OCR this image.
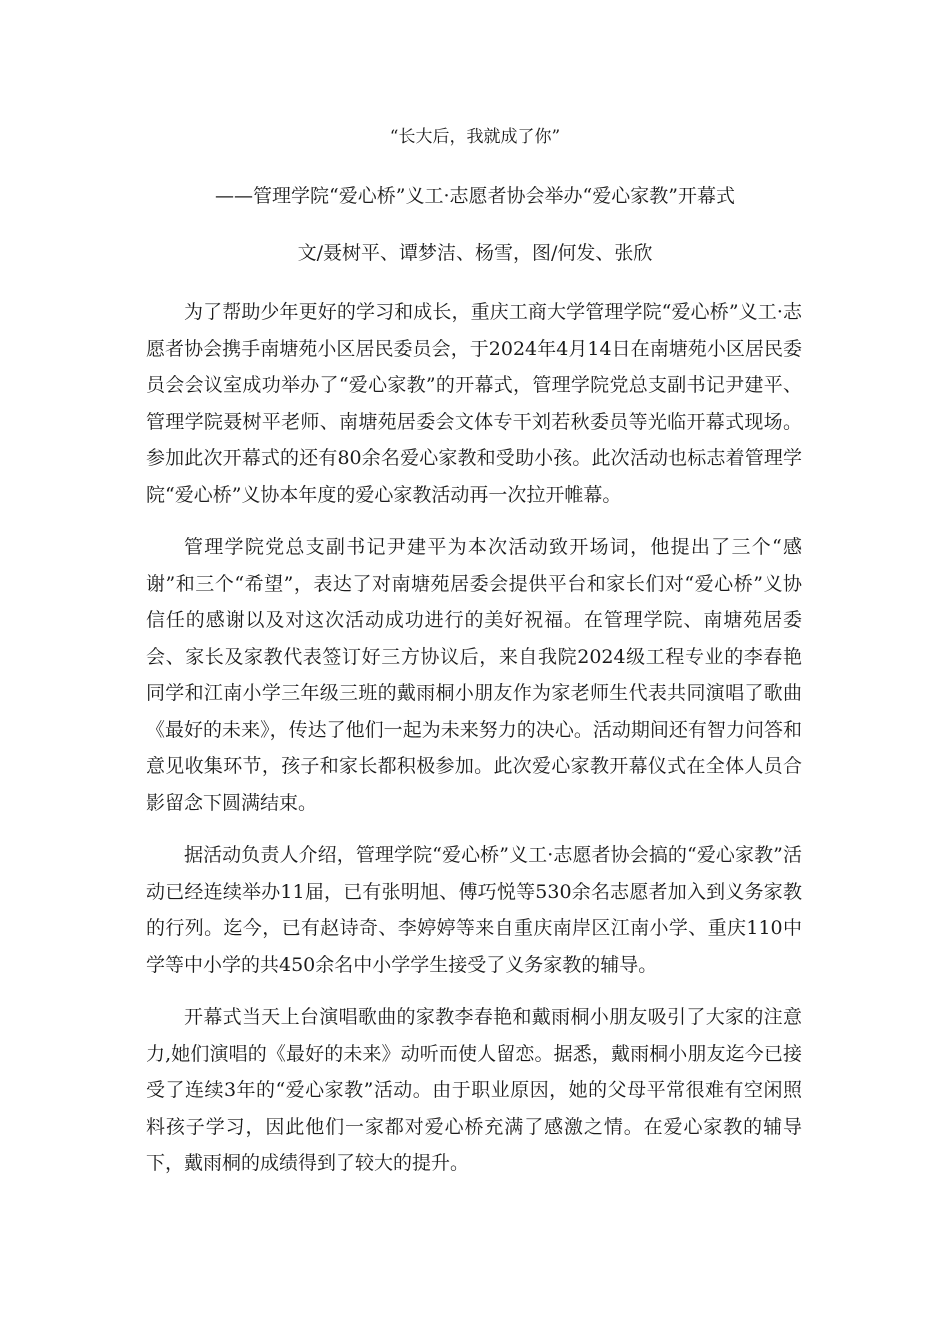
“长大后，我就成了你”
——管理学院“爱心桥”义工·志愿者协会举办“爱心家教”开幕式
文/聂树平、谭梦洁、杨雪，图/何发、张欣

为了帮助少年更好的学习和成长，重庆工商大学管理学院“爱心桥”义工·志愿者协会携手南塘苑小区居民委员会，于2024年4月14日在南塘苑小区居民委员会会议室成功举办了“爱心家教”的开幕式，管理学院党总支副书记尹建平、管理学院聂树平老师、南塘苑居委会文体专干刘若秋委员等光临开幕式现场。参加此次开幕式的还有80余名爱心家教和受助小孩。此次活动也标志着管理学院“爱心桥”义协本年度的爱心家教活动再一次拉开帷幕。

管理学院党总支副书记尹建平为本次活动致开场词，他提出了三个“感谢”和三个“希望”，表达了对南塘苑居委会提供平台和家长们对“爱心桥”义协信任的感谢以及对这次活动成功进行的美好祝福。在管理学院、南塘苑居委会、家长及家教代表签订好三方协议后，来自我院2024级工程专业的李春艳同学和江南小学三年级三班的戴雨桐小朋友作为家老师生代表共同演唱了歌曲《最好的未来》，传达了他们一起为未来努力的决心。活动期间还有智力问答和意见收集环节，孩子和家长都积极参加。此次爱心家教开幕仪式在全体人员合影留念下圆满结束。

据活动负责人介绍，管理学院“爱心桥”义工·志愿者协会搞的“爱心家教”活动已经连续举办11届，已有张明旭、傅巧悦等530余名志愿者加入到义务家教的行列。迄今，已有赵诗奇、李婷婷等来自重庆南岸区江南小学、重庆110中学等中小学的共450余名中小学学生接受了义务家教的辅导。

开幕式当天上台演唱歌曲的家教李春艳和戴雨桐小朋友吸引了大家的注意力,她们演唱的《最好的未来》动听而使人留恋。据悉，戴雨桐小朋友迄今已接受了连续3年的“爱心家教”活动。由于职业原因，她的父母平常很难有空闲照料孩子学习，因此他们一家都对爱心桥充满了感激之情。在爱心家教的辅导下，戴雨桐的成绩得到了较大的提升。
